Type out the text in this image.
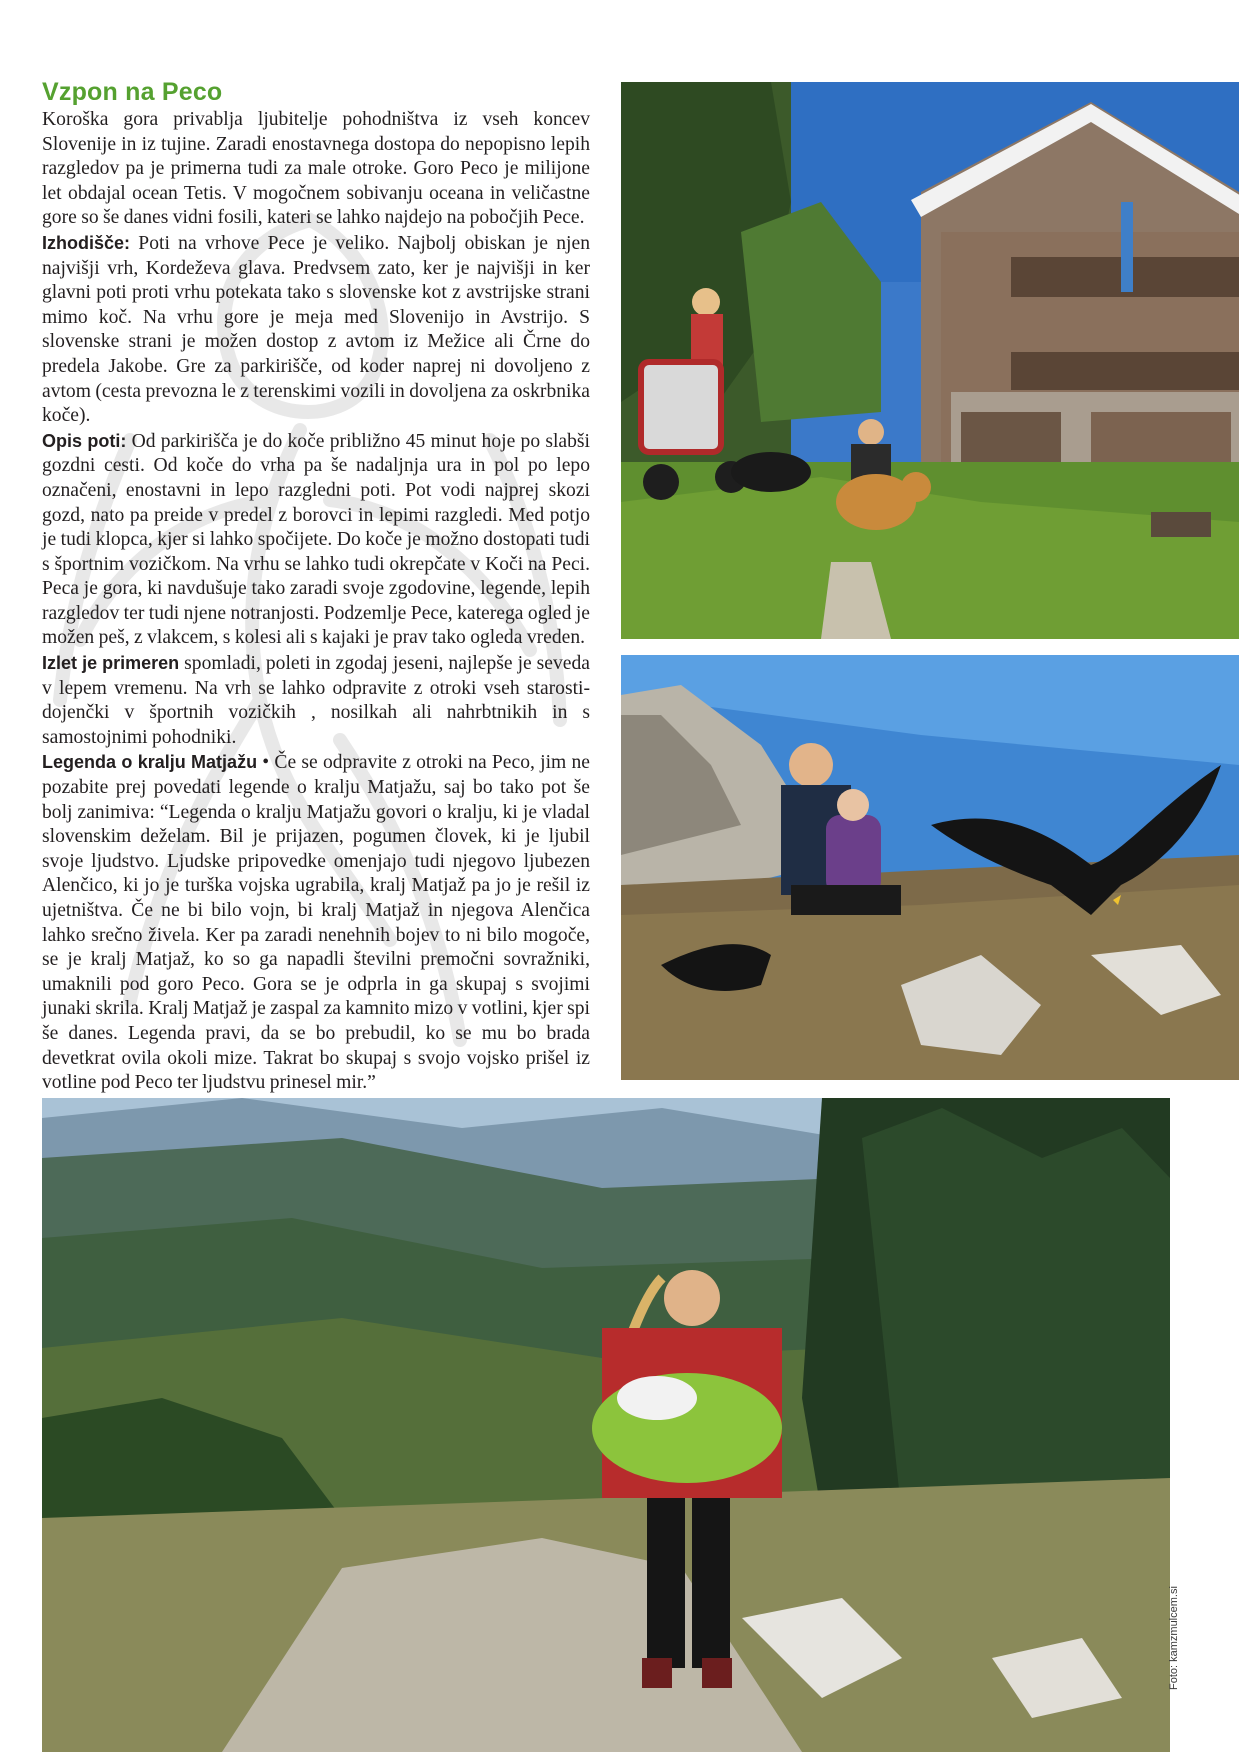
Vzpon na Peco

Koroška gora privablja ljubitelje pohodništva iz vseh koncev Slovenije in iz tujine. Zaradi enostavnega dostopa do nepopisno lepih razgledov pa je primerna tudi za male otroke. Goro Peco je milijone let obdajal ocean Tetis. V mogočnem sobivanju oceana in veličastne gore so še danes vidni fosili, kateri se lahko najdejo na pobočjih Pece.
Izhodišče: Poti na vrhove Pece je veliko. Najbolj obiskan je njen najvišji vrh, Kordeževa glava. Predvsem zato, ker je najvišji in ker glavni poti proti vrhu potekata tako s slovenske kot z avstrijske strani mimo koč. Na vrhu gore je meja med Slovenijo in Avstrijo. S slovenske strani je možen dostop z avtom iz Mežice ali Črne do predela Jakobe. Gre za parkirišče, od koder naprej ni dovoljeno z avtom (cesta prevozna le z terenskimi vozili in dovoljena za oskrbnika koče).
Opis poti: Od parkirišča je do koče približno 45 minut hoje po slabši gozdni cesti. Od koče do vrha pa še nadaljnja ura in pol po lepo označeni, enostavni in lepo razgledni poti. Pot vodi najprej skozi gozd, nato pa preide v predel z borovci in lepimi razgledi. Med potjo je tudi klopca, kjer si lahko spočijete. Do koče je možno dostopati tudi s športnim vozičkom. Na vrhu se lahko tudi okrepčate v Koči na Peci. Peca je gora, ki navdušuje tako zaradi svoje zgodovine, legende, lepih razgledov ter tudi njene notranjosti. Podzemlje Pece, katerega ogled je možen peš, z vlakcem, s kolesi ali s kajaki je prav tako ogleda vreden.
Izlet je primeren spomladi, poleti in zgodaj jeseni, najlepše je seveda v lepem vremenu. Na vrh se lahko odpravite z otroki vseh starosti- dojenčki v športnih vozičkih , nosilkah ali nahrbtnikih in s samostojnimi pohodniki.
Legenda o kralju Matjažu • Če se odpravite z otroki na Peco, jim ne pozabite prej povedati legende o kralju Matjažu, saj bo tako pot še bolj zanimiva: “Legenda o kralju Matjažu govori o kralju, ki je vladal slovenskim deželam. Bil je prijazen, pogumen človek, ki je ljubil svoje ljudstvo. Ljudske pripovedke omenjajo tudi njegovo ljubezen Alenčico, ki jo je turška vojska ugrabila, kralj Matjaž pa jo je rešil iz ujetništva. Če ne bi bilo vojn, bi kralj Matjaž in njegova Alenčica lahko srečno živela. Ker pa zaradi nenehnih bojev to ni bilo mogoče, se je kralj Matjaž, ko so ga napadli številni premočni sovražniki, umaknili pod goro Peco. Gora se je odprla in ga skupaj s svojimi junaki skrila. Kralj Matjaž je zaspal za kamnito mizo v votlini, kjer spi še danes. Legenda pravi, da se bo prebudil, ko se mu bo brada devetkrat ovila okoli mize. Takrat bo skupaj s svojo vojsko prišel iz votline pod Peco ter ljudstvu prinesel mir.”

Foto: kamzmulcem.si
